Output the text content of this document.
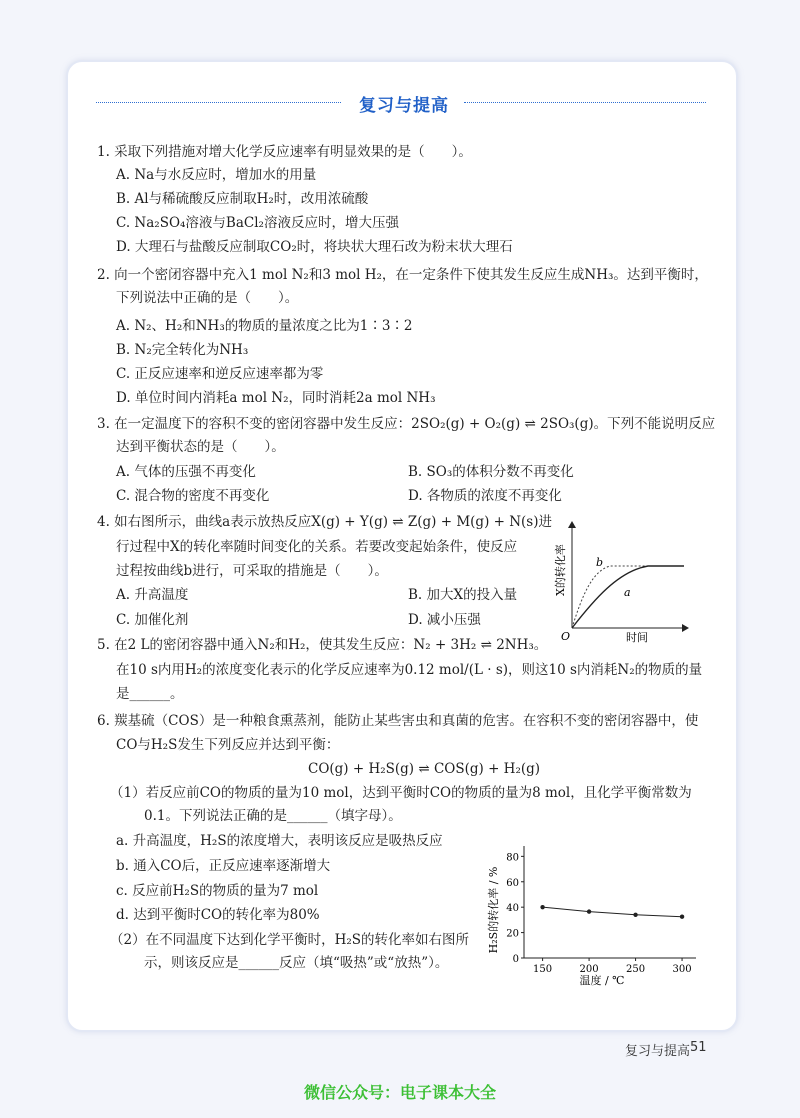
复习与提高
1. 采取下列措施对增大化学反应速率有明显效果的是（　　）。
A. Na与水反应时，增加水的用量
B. Al与稀硫酸反应制取H₂时，改用浓硫酸
C. Na₂SO₄溶液与BaCl₂溶液反应时，增大压强
D. 大理石与盐酸反应制取CO₂时，将块状大理石改为粉末状大理石
2. 向一个密闭容器中充入1 mol N₂和3 mol H₂，在一定条件下使其发生反应生成NH₃。达到平衡时，
下列说法中正确的是（　　）。
A. N₂、H₂和NH₃的物质的量浓度之比为1∶3∶2
B. N₂完全转化为NH₃
C. 正反应速率和逆反应速率都为零
D. 单位时间内消耗a mol N₂，同时消耗2a mol NH₃
3. 在一定温度下的容积不变的密闭容器中发生反应：2SO₂(g) + O₂(g) ⇌ 2SO₃(g)。下列不能说明反应
达到平衡状态的是（　　）。
A. 气体的压强不再变化	B. SO₃的体积分数不再变化
C. 混合物的密度不再变化	D. 各物质的浓度不再变化
4. 如右图所示，曲线a表示放热反应X(g) + Y(g) ⇌ Z(g) + M(g) + N(s)进
行过程中X的转化率随时间变化的关系。若要改变起始条件，使反应
过程按曲线b进行，可采取的措施是（　　）。
A. 升高温度	B. 加大X的投入量
C. 加催化剂	D. 减小压强
b
a
O	时间
X的转化率
5. 在2 L的密闭容器中通入N₂和H₂，使其发生反应：N₂ + 3H₂ ⇌ 2NH₃。
在10 s内用H₂的浓度变化表示的化学反应速率为0.12 mol/(L · s)，则这10 s内消耗N₂的物质的量
是______。
6. 羰基硫（COS）是一种粮食熏蒸剂，能防止某些害虫和真菌的危害。在容积不变的密闭容器中，使
CO与H₂S发生下列反应并达到平衡：
CO(g) + H₂S(g) ⇌ COS(g) + H₂(g)
（1）若反应前CO的物质的量为10 mol，达到平衡时CO的物质的量为8 mol，且化学平衡常数为
0.1。下列说法正确的是______（填字母）。
a. 升高温度，H₂S的浓度增大，表明该反应是吸热反应
b. 通入CO后，正反应速率逐渐增大
c. 反应前H₂S的物质的量为7 mol
d. 达到平衡时CO的转化率为80%
（2）在不同温度下达到化学平衡时，H₂S的转化率如右图所
示，则该反应是______反应（填“吸热”或“放热”）。	0
20
40
60
80
150	200	250	300
温度 / ℃
H₂S的转化率 / %
复习与提高 51
微信公众号：电子课本大全
